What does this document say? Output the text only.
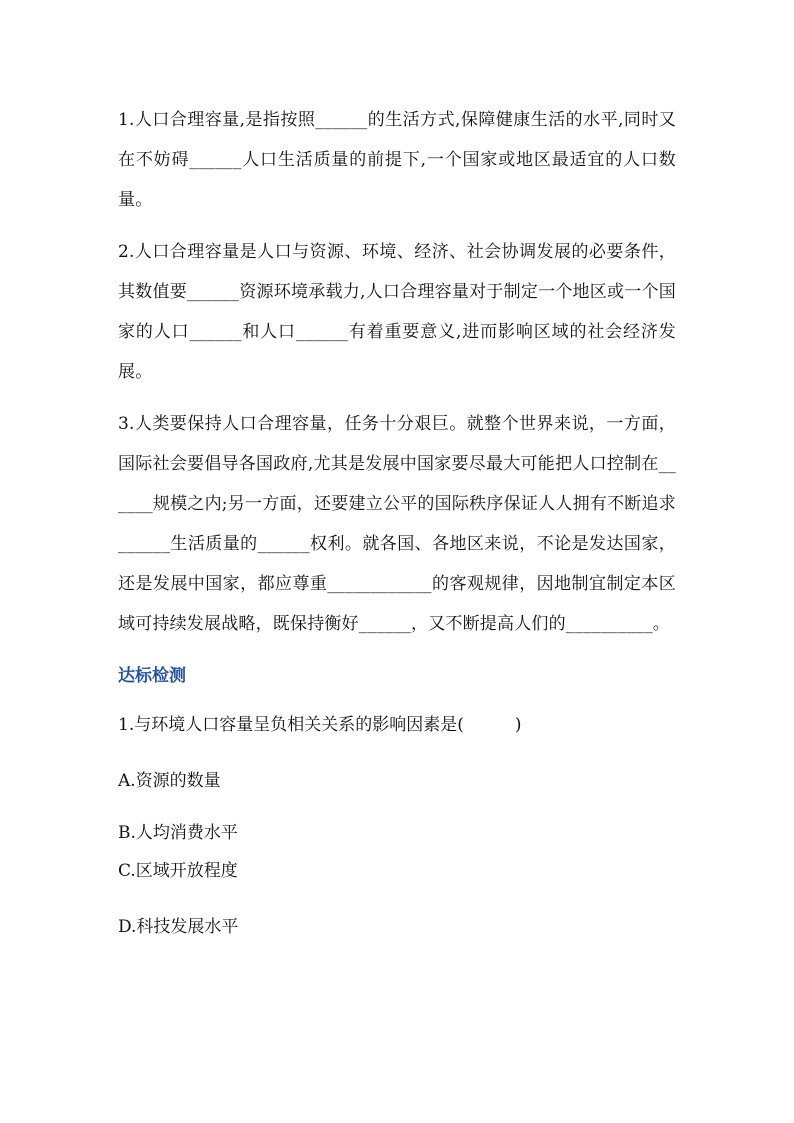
1.人口合理容量,是指按照______的生活方式,保障健康生活的水平,同时又在不妨碍______人口生活质量的前提下,一个国家或地区最适宜的人口数量。

2.人口合理容量是人口与资源、环境、经济、社会协调发展的必要条件，其数值要______资源环境承载力,人口合理容量对于制定一个地区或一个国家的人口______和人口______有着重要意义,进而影响区域的社会经济发展。

3.人类要保持人口合理容量，任务十分艰巨。就整个世界来说，一方面，国际社会要倡导各国政府,尤其是发展中国家要尽最大可能把人口控制在______规模之内;另一方面，还要建立公平的国际秩序保证人人拥有不断追求______生活质量的______权利。就各国、各地区来说，不论是发达国家，还是发展中国家，都应尊重____________的客观规律，因地制宜制定本区域可持续发展战略，既保持衡好______，又不断提高人们的__________。

达标检测

1.与环境人口容量呈负相关关系的影响因素是(　　　)

A.资源的数量

B.人均消费水平

C.区域开放程度

D.科技发展水平
